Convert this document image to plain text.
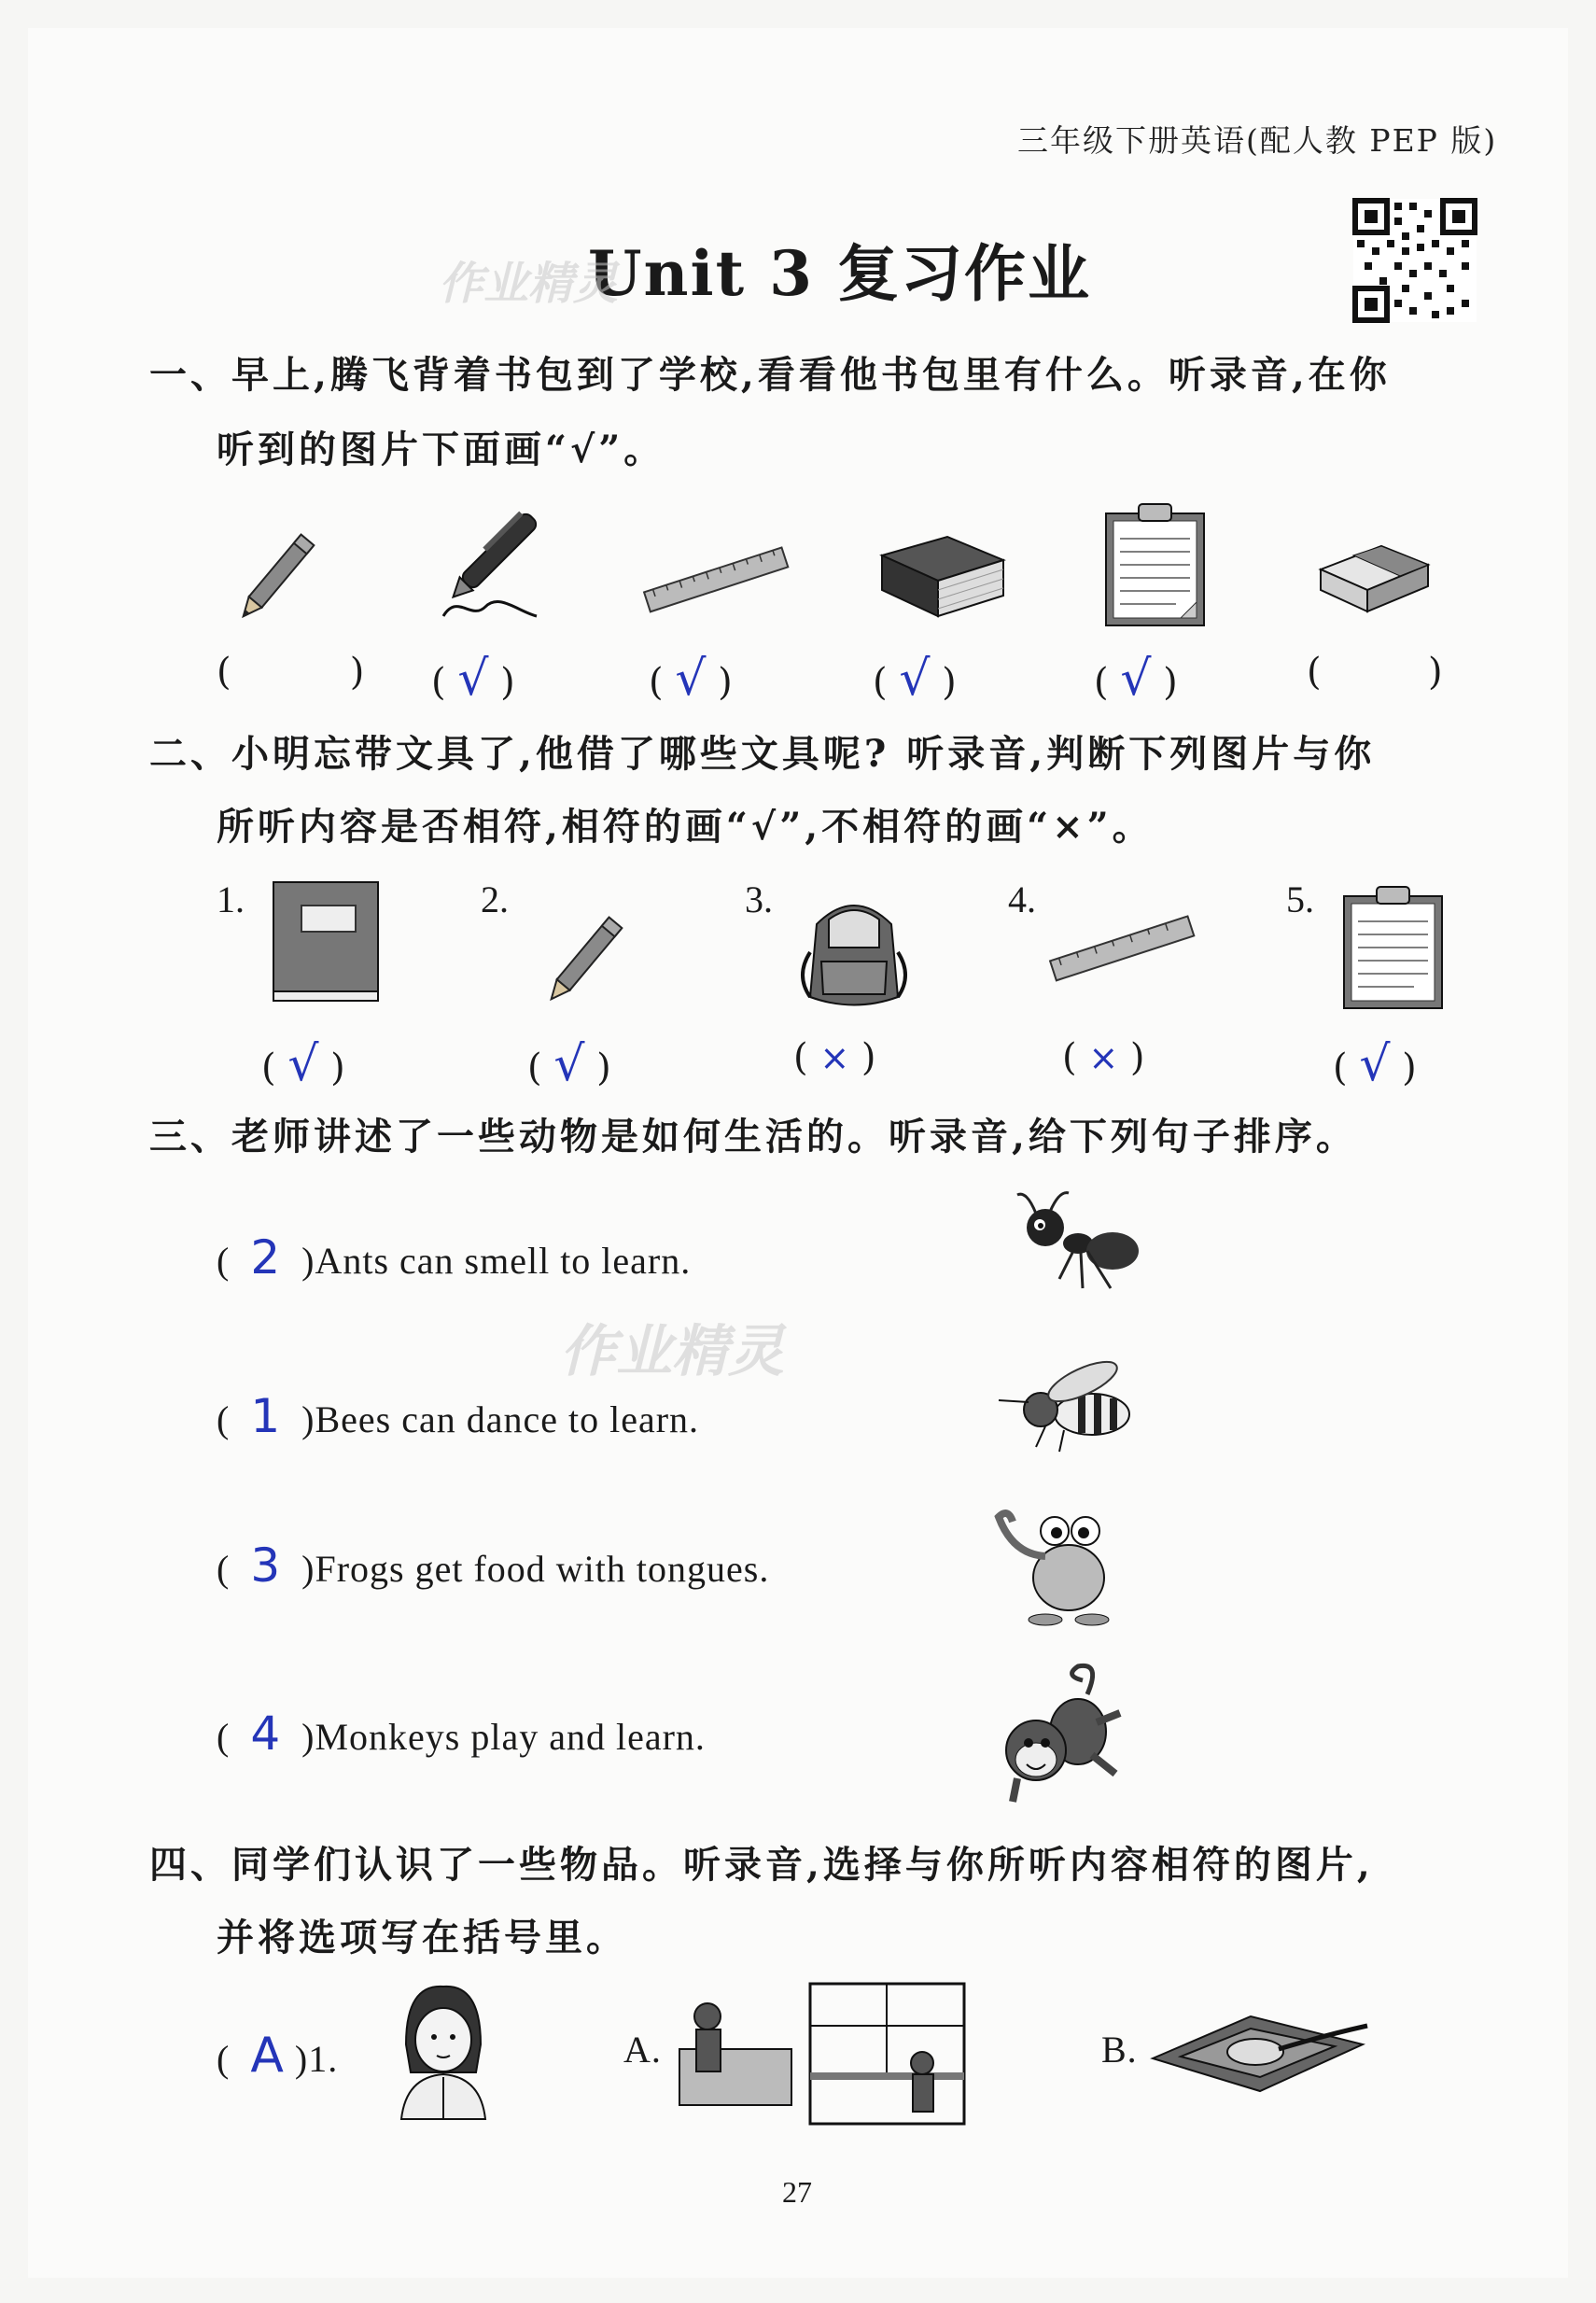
三年级下册英语(配人教 PEP 版)
Unit 3 复习作业
作业精灵
一、早上,腾飞背着书包到了学校,看看他书包里有什么。听录音,在你
听到的图片下面画“√”。
(          ) ( √ )	( √ )	( √ )	( √ )	(         )
二、小明忘带文具了,他借了哪些文具呢? 听录音,判断下列图片与你
所听内容是否相符,相符的画“√”,不相符的画“×”。
1.	2.	3.	4.	5.
( √ )	( √ )	( × )	( × )	( √ )
三、老师讲述了一些动物是如何生活的。听录音,给下列句子排序。
(  2 )Ants can smell to learn.
(  1 )Bees can dance to learn.
(  3 )Frogs get food with tongues.
(  4 )Monkeys play and learn.
作业精灵
四、同学们认识了一些物品。听录音,选择与你所听内容相符的图片,
并将选项写在括号里。
(  A )1.	A.	B.
27
